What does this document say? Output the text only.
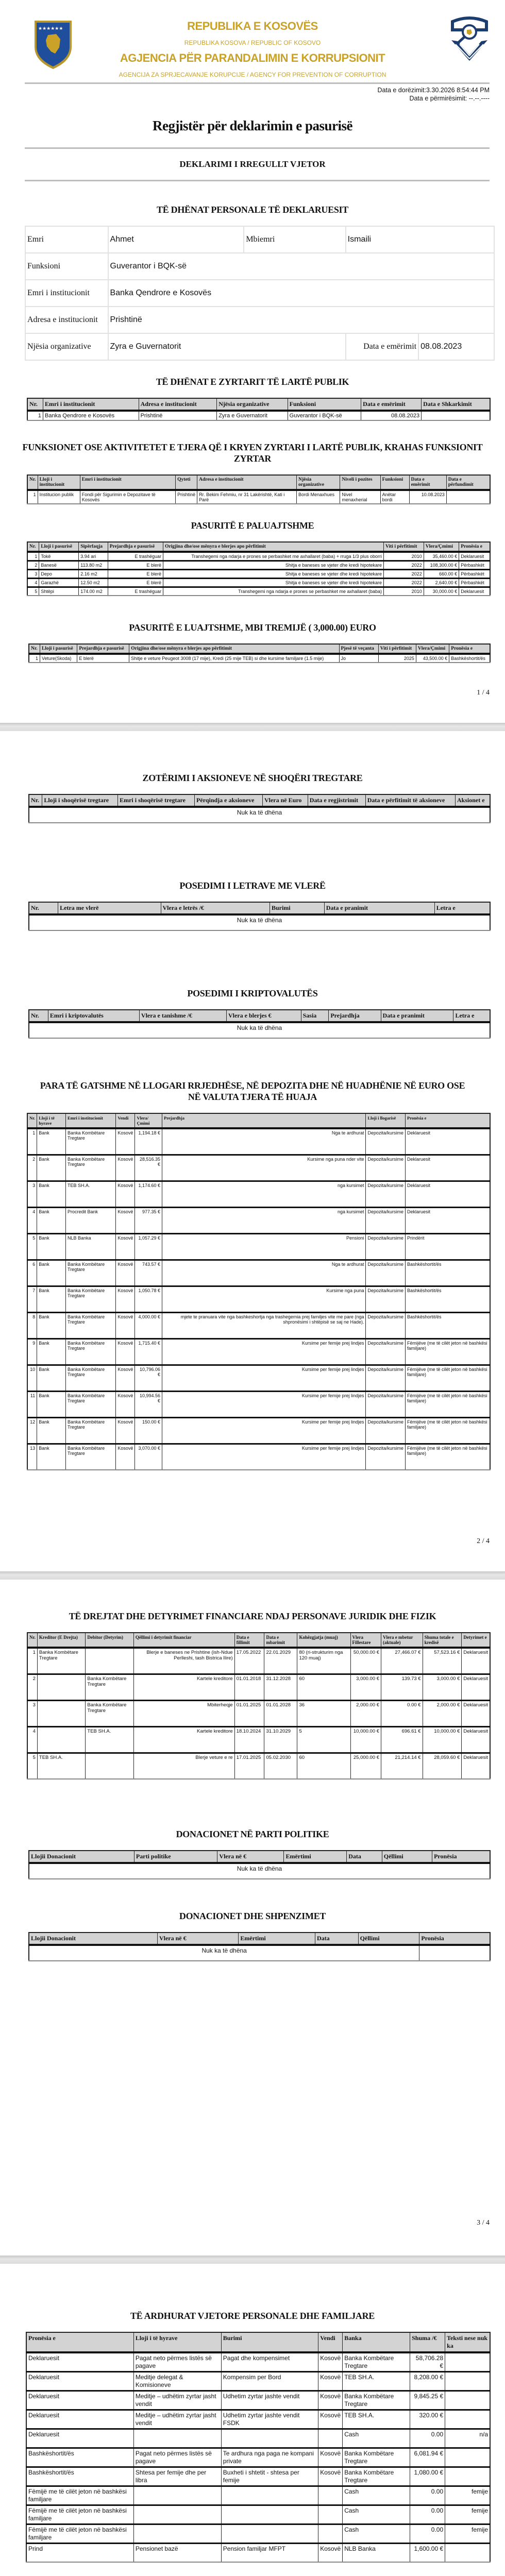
★★★★★★	REPUBLIKA E KOSOVËS
REPUBLIKA KOSOVA / REPUBLIC OF KOSOVO
AGJENCIA PËR PARANDALIMIN E KORRUPSIONIT
AGENCIJA ZA SPRJECAVANJE KORUPCIJE / AGENCY FOR PREVENTION OF CORRUPTION
Data e dorëzimit:3.30.2026 8:54:44 PM
Data e përmirësimit: --.--.----
Regjistër për deklarimin e pasurisë
DEKLARIMI I RREGULLT VJETOR
TË DHËNAT PERSONALE TË DEKLARUESIT
Emri	Ahmet	Mbiemri	Ismaili	
Funksioni	Guverantor i BQK-së			
Emri i institucionit	Banka Qendrore e Kosovës			
Adresa e institucionit	Prishtinë			
Njësia organizative	Zyra e Guvernatorit		Data e emërimit	08.08.2023
TË DHËNAT E ZYRTARIT TË LARTË PUBLIK
Nr.	Emri i institucionit	Adresa e institucionit	Njësia organizative	Funksioni	Data e emërimit	Data e Shkarkimit
1	Banka Qendrore e Kosovës	Prishtinë	Zyra e Guvernatorit	Guverantor i BQK-së	08.08.2023	
FUNKSIONET OSE AKTIVITETET E TJERA QË I KRYEN ZYRTARI I LARTË PUBLIK, KRAHAS FUNKSIONIT ZYRTAR
Nr.	Lloji i institucionit	Emri i institucionit	Qyteti	Adresa e institucionit	Njësia organizative	Niveli i pozites	Funksioni	Data e emërimit	Data e përfundimit
1	Institucion publik	Fondi për Sigurimin e Depozitave të Kosovës	Prishtinë	Rr. Bekim Fehmiu, nr 31 Lakërishtë, Kati i Parë	Bordi Menaxhues	Nivel menaxherial	Anëtar bordi	10.08.2023	
PASURITË E PALUAJTSHME
Nr.	Lloji i pasurisë	Sipërfaqja	Prejardhja e pasurisë	Origjina dhe/ose mënyra e blerjes apo përfitimit	Viti i përfitimit	Vlera/Çmimi	Pronësia e
1	Tokë	3.94 ari	E trashëguar	Transhegemi nga ndarja e prones se perbashket me axhallaret (baba) + rruga 1/3 plus oborri	2010	35,460.00 €	Deklaruesit
2	Banesë	113.80 m2	E blerë	Shitja e baneses se vjeter dhe kredi hipotekare	2022	108,300.00 €	Përbashkët
3	Depo	2.16 m2	E blerë	Shitja e baneses se vjeter dhe kredi hipotekare	2022	660.00 €	Përbashkët
4	Garazhë	12.50 m2	E blerë	Shitja e baneses se vjeter dhe kredi hipotekare	2022	2,640.00 €	Përbashkët
5	Shtëpi	174.00 m2	E trashëguar	Transhegemi nga ndarja e prones se perbashket me axhallaret (baba)	2010	30,000.00 €	Deklaruesit
PASURITË E LUAJTSHME, MBI TREMIJË ( 3,000.00) EURO
Nr.	Lloji i pasurisë	Prejardhja e pasurisë	Origjina dhe/ose mënyra e blerjes apo përfitimit	Pjesë të veçanta	Viti i përfitimit	Vlera/Çmimi	Pronësia e
1	Veture(Skoda)	E blerë	Shitje e veture Peugeot 3008 (17 mije), Kredi (25 mije TEB) si dhe kursime familjare (1.5 mije)	Jo	2025	43,500.00 €	Bashkëshortit/ës
1 / 4
ZOTËRIMI I AKSIONEVE NË SHOQËRI TREGTARE
Nr.	Lloji i shoqërisë tregtare	Emri i shoqërisë tregtare	Përqindja e aksioneve	Vlera në Euro	Data e regjistrimit	Data e përfitimit të aksioneve	Aksionet e
Nuk ka të dhëna
POSEDIMI I LETRAVE ME VLERË
Nr.	Letra me vlerë	Vlera e letrës /€	Burimi	Data e pranimit	Letra e
Nuk ka të dhëna
POSEDIMI I KRIPTOVALUTËS
Nr.	Emri i kriptovalutës	Vlera e tanishme /€	Vlera e blerjes €	Sasia	Prejardhja	Data e pranimit	Letra e
Nuk ka të dhëna
PARA TË GATSHME NË LLOGARI RRJEDHËSE, NË DEPOZITA DHE NË HUADHËNIE NË EURO OSE NË VALUTA TJERA TË HUAJA
Nr.	Lloji i të hyrave	Emri i institucionit	Vendi	Vlera/Çmimi	Prejardhja	Lloji i llogarisë	Pronësia e
1	Bank	Banka Kombëtare Tregtare	Kosovë	1,194.18 €	Nga te ardhurat	Depozita/kursime	Deklaruesit
2	Bank	Banka Kombëtare Tregtare	Kosovë	28,516.35 €	Kursime nga puna nder vite	Depozita/kursime	Deklaruesit
3	Bank	TEB SH.A.	Kosovë	1,174.60 €	nga kursimet	Depozita/kursime	Deklaruesit
4	Bank	Procredit Bank	Kosovë	977.35 €	nga kursimet	Depozita/kursime	Deklaruesit
5	Bank	NLB Banka	Kosovë	1,057.29 €	Pensioni	Depozita/kursime	Prindërit
6	Bank	Banka Kombëtare Tregtare	Kosovë	743.57 €	Nga te ardhurat	Depozita/kursime	Bashkëshortit/ës
7	Bank	Banka Kombëtare Tregtare	Kosovë	1,050.78 €	Kursime nga puna	Depozita/kursime	Bashkëshortit/ës
8	Bank	Banka Kombëtare Tregtare	Kosovë	4,000.00 €	mjete te pranuara vite nga bashkeshortja nga trashegemia prej familjes vite me pare (nga shpronësimi i shtëpisë se saj ne Hade).	Depozita/kursime	Bashkëshortit/ës
9	Bank	Banka Kombëtare Tregtare	Kosovë	1,715.40 €	Kursime per femije prej lindjes	Depozita/kursime	Fëmijëve (me të cilët jeton në bashkësi familjare)
10	Bank	Banka Kombëtare Tregtare	Kosovë	10,796.06 €	Kursime per femije prej lindjes	Depozita/kursime	Fëmijëve (me të cilët jeton në bashkësi familjare)
11	Bank	Banka Kombëtare Tregtare	Kosovë	10,994.56 €	Kursime per femije prej lindjes	Depozita/kursime	Fëmijëve (me të cilët jeton në bashkësi familjare)
12	Bank	Banka Kombëtare Tregtare	Kosovë	150.00 €	Kursime per femije prej lindjes	Depozita/kursime	Fëmijëve (me të cilët jeton në bashkësi familjare)
13	Bank	Banka Kombëtare Tregtare	Kosovë	3,070.00 €	Kursime per femije prej lindjes	Depozita/kursime	Fëmijëve (me të cilët jeton në bashkësi familjare)
2 / 4
TË DREJTAT DHE DETYRIMET FINANCIARE NDAJ PERSONAVE JURIDIK DHE FIZIK
Nr.	Kreditor (E Drejta)	Debitor (Detyrim)	Qëllimi i detyrimit financiar	Data e fillimit	Data e mbarimit	Kohëzgjatja (muaj)	Vlera Fillestare	Vlera e mbetur (aktuale)	Shuma totale e kredisë	Detyrimet e
1	Banka Kombëtare Tregtare		Blerje e baneses ne Prishtine (ish-Ndue Perlleshi, tash Bistrica Ilire)	17.05.2022	22.01.2029	80 (ri-strukturim nga 120 muaj)	50,000.00 €	27,466.07 €	57,523.16 €	Deklaruesit
2		Banka Kombëtare Tregtare	Kartele kreditore	01.01.2018	31.12.2028	60	3,000.00 €	139.73 €	3,000.00 €	Deklaruesit
3		Banka Kombëtare Tregtare	Mbiterheqje	01.01.2025	01.01.2028	36	2,000.00 €	0.00 €	2,000.00 €	Deklaruesit
4		TEB SH.A.	Kartele kreditore	18.10.2024	31.10.2029	5	10,000.00 €	696.61 €	10,000.00 €	Deklaruesit
5	TEB SH.A.		Blerje veture e re	17.01.2025	05.02.2030	60	25,000.00 €	21,214.14 €	28,059.60 €	Deklaruesit
DONACIONET NË PARTI POLITIKE
Llojii Donacionit	Parti politike	Vlera në €	Emërtimi	Data	Qëllimi	Pronësia
Nuk ka të dhëna
DONACIONET DHE SHPENZIMET
Llojii Donacionit	Vlera në €	Emërtimi	Data	Qëllimi	Pronësia
Nuk ka të dhëna					
3 / 4
TË ARDHURAT VJETORE PERSONALE DHE FAMILJARE
Pronësia e	Lloji i të hyrave	Burimi	Vendi	Banka	Shuma /€	Teksti nese nuk ka
Deklaruesit	Pagat neto përmes listës së pagave	Pagat dhe kompensimet	Kosovë	Banka Kombëtare Tregtare	58,706.28 €	
Deklaruesit	Meditje delegat & Komisioneve	Kompensim per Bord	Kosovë	TEB SH.A.	8,208.00 €	
Deklaruesit	Meditje – udhëtim zyrtar jasht vendit	Udhetim zyrtar jashte vendit	Kosovë	Banka Kombëtare Tregtare	9,845.25 €	
Deklaruesit	Meditje – udhëtim zyrtar jasht vendit	Udhetim zyrtar jashte vendit FSDK	Kosovë	TEB SH.A.	320.00 €	
Deklaruesit				Cash	0.00	n/a
Bashkëshortit/ës	Pagat neto përmes listës së pagave	Te ardhura nga paga ne kompani private	Kosovë	Banka Kombëtare Tregtare	6,081.94 €	
Bashkëshortit/ës	Shtesa per femije dhe per libra	Buxheti i shtetit - shtesa per femije	Kosovë	Banka Kombëtare Tregtare	1,080.00 €	
Fëmijë me të cilët jeton në bashkësi familjare				Cash	0.00	femije
Fëmijë me të cilët jeton në bashkësi familjare				Cash	0.00	femije
Fëmijë me të cilët jeton në bashkësi familjare				Cash	0.00	femije
Prind	Pensionet bazë	Pension familjar MFPT	Kosovë	NLB Banka	1,600.00 €	
